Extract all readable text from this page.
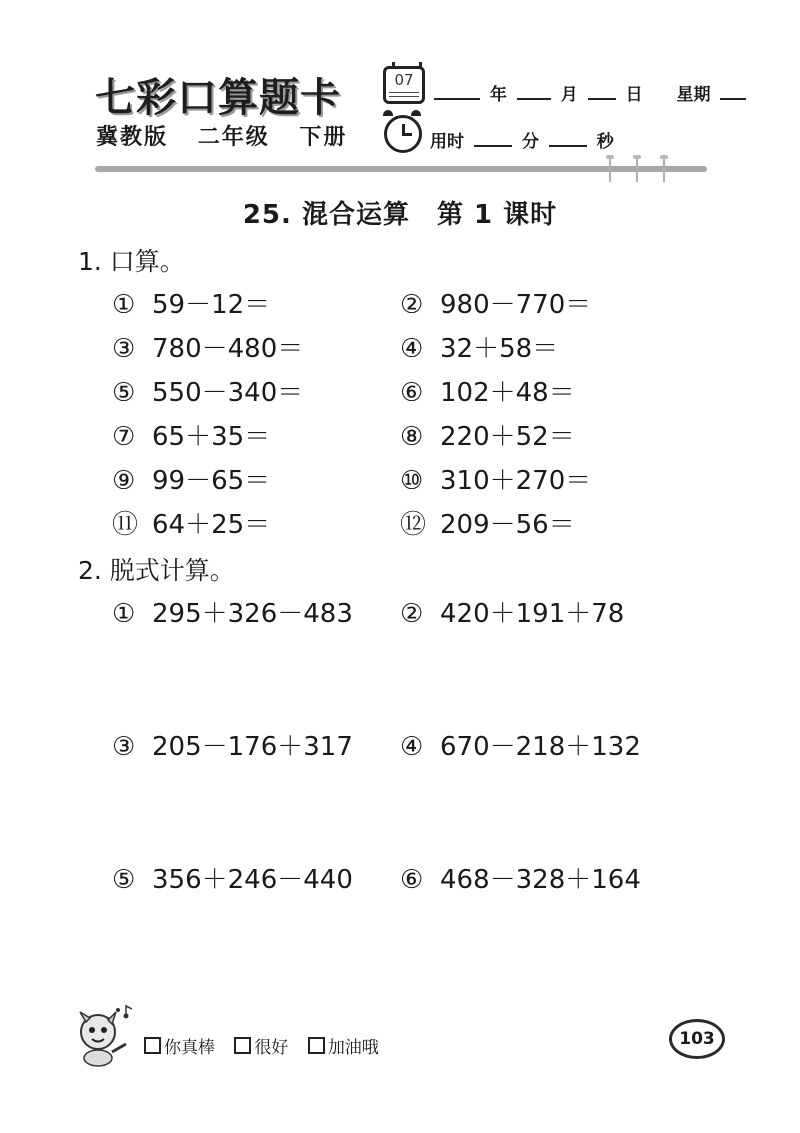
七彩口算题卡
冀教版 二年级 下册
07
年	月	日 星期
用时	分	秒
25. 混合运算　第 1 课时
1. 口算。
① 59－12＝	② 980－770＝
③ 780－480＝	④ 32＋58＝
⑤ 550－340＝	⑥ 102＋48＝
⑦ 65＋35＝	⑧ 220＋52＝
⑨ 99－65＝	⑩ 310＋270＝
⑪ 64＋25＝	⑫ 209－56＝
2. 脱式计算。
① 295＋326－483 ② 420＋191＋78
③ 205－176＋317 ④ 670－218＋132
⑤ 356＋246－440 ⑥ 468－328＋164
你真棒 很好 加油哦	103
